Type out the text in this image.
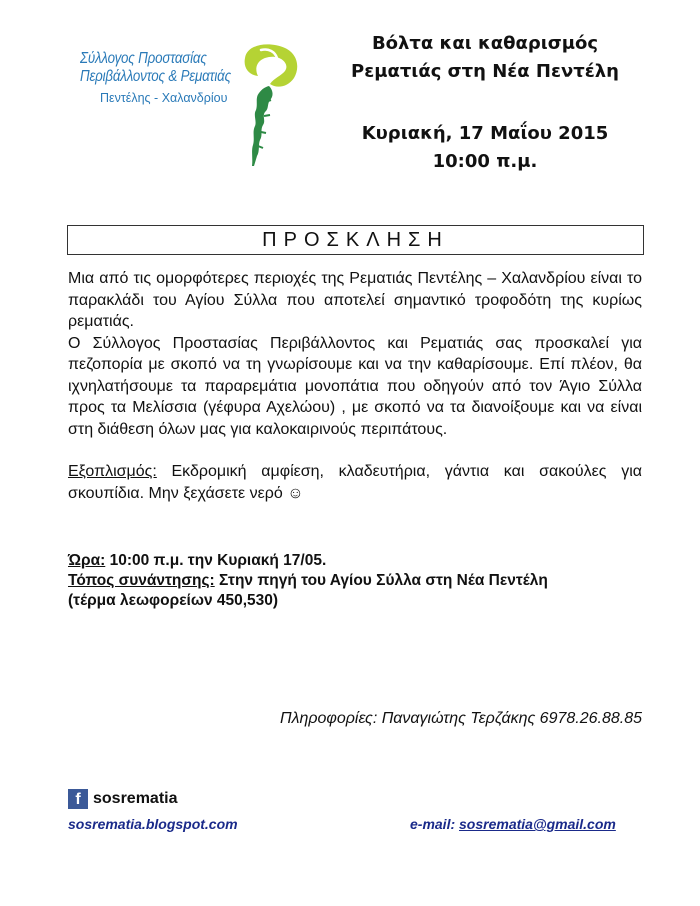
Σύλλογος Προστασίας
Περιβάλλοντος & Ρεματιάς
Πεντέλης - Χαλανδρίου
Βόλτα και καθαρισμός
Ρεματιάς στη Νέα Πεντέλη
Κυριακή, 17 Μαΐου 2015
10:00 π.μ.
ΠΡΟΣΚΛΗΣΗ

Μια από τις ομορφότερες περιοχές της Ρεματιάς Πεντέλης – Χαλανδρίου είναι το παρακλάδι του Αγίου Σύλλα που αποτελεί σημαντικό τροφοδότη της κυρίως ρεματιάς.

Ο Σύλλογος Προστασίας Περιβάλλοντος και Ρεματιάς σας προσκαλεί για πεζοπορία με σκοπό να τη γνωρίσουμε και να την καθαρίσουμε. Επί πλέον, θα ιχνηλατήσουμε τα παραρεμάτια μονοπάτια που οδηγούν από τον Άγιο Σύλλα προς τα Μελίσσια (γέφυρα Αχελώου) , με σκοπό να τα διανοίξουμε και να είναι στη διάθεση όλων μας για καλοκαιρινούς περιπάτους.

Εξοπλισμός: Εκδρομική αμφίεση, κλαδευτήρια, γάντια και σακούλες για σκουπίδια. Μην ξεχάσετε νερό ☺

Ώρα: 10:00 π.μ. την Κυριακή 17/05.
Τόπος συνάντησης: Στην πηγή του Αγίου Σύλλα στη Νέα Πεντέλη
(τέρμα λεωφορείων 450,530)
Πληροφορίες: Παναγιώτης Τερζάκης 6978.26.88.85
f sosrematia
sosrematia.blogspot.com	e-mail: sosrematia@gmail.com
